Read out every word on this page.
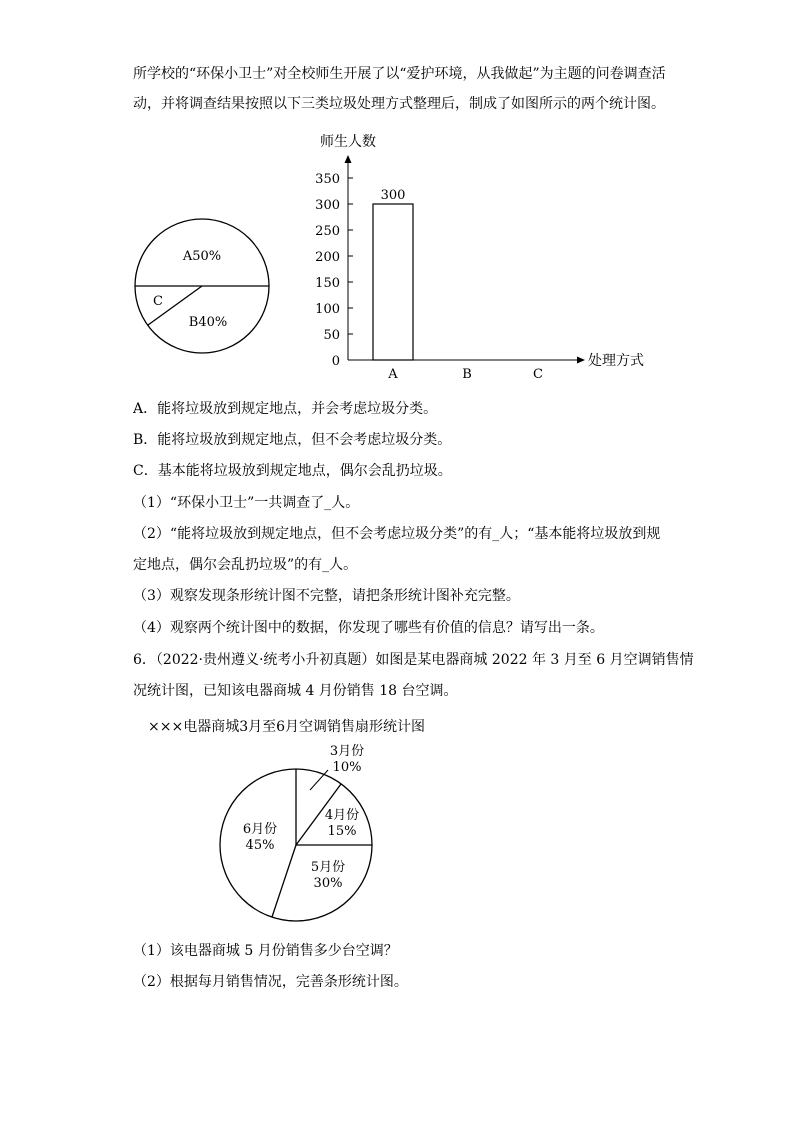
所学校的“环保小卫士”对全校师生开展了以“爱护环境，从我做起”为主题的问卷调查活
动，并将调查结果按照以下三类垃圾处理方式整理后，制成了如图所示的两个统计图。
A50%
C
B40%
师生人数
处理方式
0
50
100
150
200
250
300
350
300
A	B	C
A．能将垃圾放到规定地点，并会考虑垃圾分类。
B．能将垃圾放到规定地点，但不会考虑垃圾分类。
C．基本能将垃圾放到规定地点，偶尔会乱扔垃圾。
（1）“环保小卫士”一共调查了_人。
（2）“能将垃圾放到规定地点，但不会考虑垃圾分类”的有_人；“基本能将垃圾放到规
定地点，偶尔会乱扔垃圾”的有_人。
（3）观察发现条形统计图不完整，请把条形统计图补充完整。
（4）观察两个统计图中的数据，你发现了哪些有价值的信息？请写出一条。
6．（2022·贵州遵义·统考小升初真题）如图是某电器商城 2022 年 3 月至 6 月空调销售情
况统计图，已知该电器商城 4 月份销售 18 台空调。
×××电器商城3月至6月空调销售扇形统计图
3月份
10%
4月份
15%
5月份
30%
6月份
45%
（1）该电器商城 5 月份销售多少台空调？
（2）根据每月销售情况，完善条形统计图。
